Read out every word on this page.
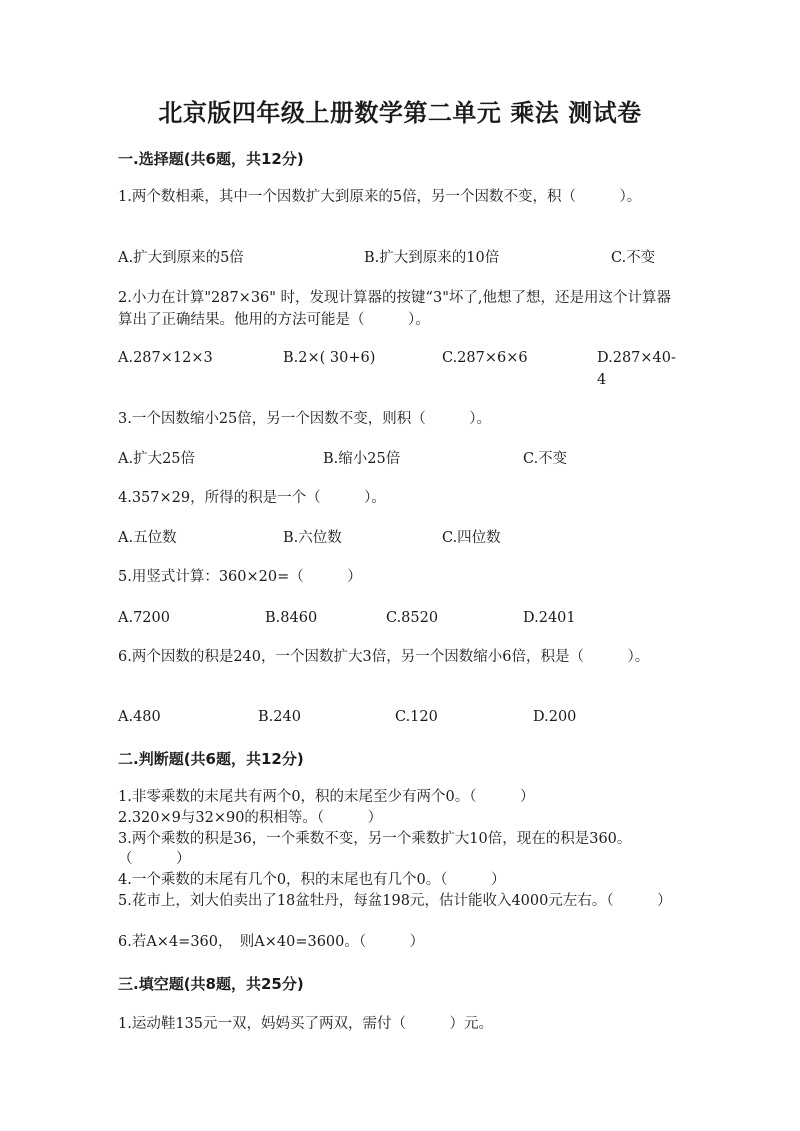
北京版四年级上册数学第二单元 乘法 测试卷
一.选择题(共6题，共12分)
1.两个数相乘，其中一个因数扩大到原来的5倍，另一个因数不变，积（　　　）。
A.扩大到原来的5倍	B.扩大到原来的10倍	C.不变
2.小力在计算"287×36" 时，发现计算器的按键“3"坏了,他想了想，还是用这个计算器算出了正确结果。他用的方法可能是（　　　）。
A.287×12×3	B.2×( 30+6)	C.287×6×6	D.287×40-4
3.一个因数缩小25倍，另一个因数不变，则积（　　　）。
A.扩大25倍	B.缩小25倍	C.不变
4.357×29，所得的积是一个（　　　）。
A.五位数	B.六位数	C.四位数
5.用竖式计算：360×20=（　　　）
A.7200	B.8460	C.8520	D.2401
6.两个因数的积是240，一个因数扩大3倍，另一个因数缩小6倍，积是（　　　）。
A.480	B.240	C.120	D.200
二.判断题(共6题，共12分)
1.非零乘数的末尾共有两个0，积的末尾至少有两个0。（　　　）
2.320×9与32×90的积相等。（　　　）
3.两个乘数的积是36，一个乘数不变，另一个乘数扩大10倍，现在的积是360。（　　　）
4.一个乘数的末尾有几个0，积的末尾也有几个0。（　　　）
5.花市上，刘大伯卖出了18盆牡丹，每盆198元，估计能收入4000元左右。（　　　）
6.若A×4=360，　则A×40=3600。（　　　）
三.填空题(共8题，共25分)
1.运动鞋135元一双，妈妈买了两双，需付（　　　）元。
